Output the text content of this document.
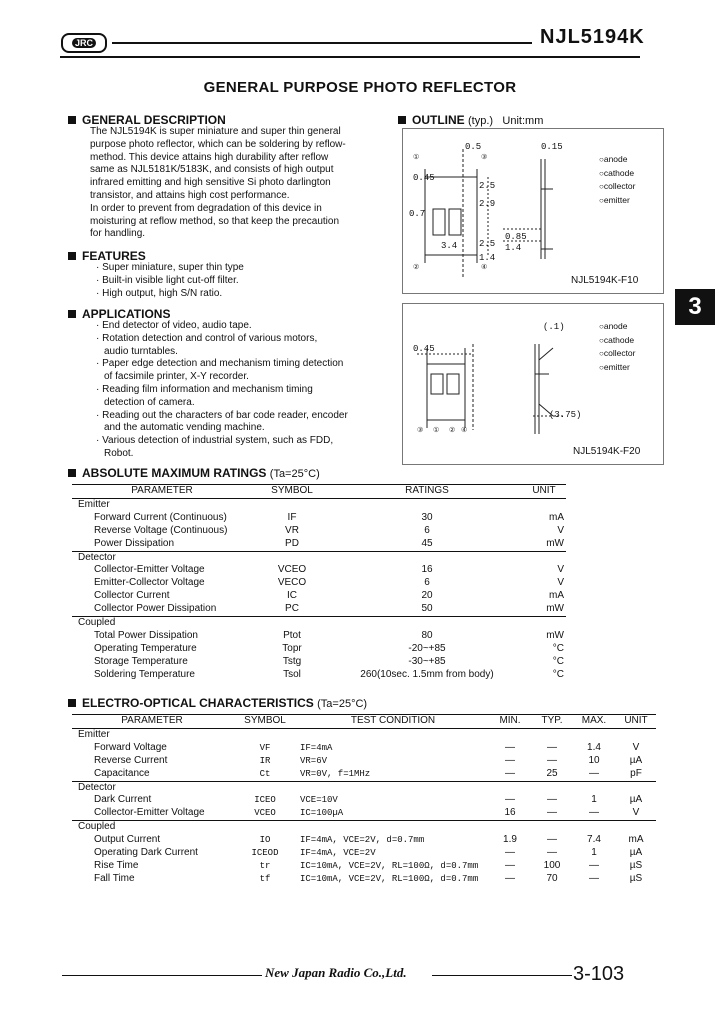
JRC	NJL5194K
GENERAL PURPOSE PHOTO REFLECTOR
GENERAL DESCRIPTION
The NJL5194K is super miniature and super thin general
purpose photo reflector, which can be soldering by reflow-
method. This device attains high durability after reflow
same as NJL5181K/5183K, and consists of high output
infrared emitting and high sensitive Si photo darlington
transistor, and attains high cost performance.
In order to prevent from degradation of this device in
moisturing at reflow method, so that keep the precaution
for handling.
FEATURES
· Super miniature, super thin type
· Built-in visible light cut-off filter.
· High output, high S/N ratio.
APPLICATIONS
· End detector of video, audio tape.
· Rotation detection and control of various motors,
audio turntables.
· Paper edge detection and mechanism timing detection
of facsimile printer, X-Y recorder.
· Reading film information and mechanism timing
detection of camera.
· Reading out the characters of bar code reader, encoder
and the automatic vending machine.
· Various detection of industrial system, such as FDD,
Robot.
OUTLINE (typ.) Unit:mm
①
②
③
④
0.5	0.15
0.45
0.7
2.5
2.9
3.4 2.5
1.4
0.85
1.4
○ anode
○ cathode
○ collector
○ emitter
NJL5194K-F10
③ ① ② ④
(.1)
0.45
(3.75)
○ anode
○ cathode
○ collector
○ emitter
NJL5194K-F20
3
ABSOLUTE MAXIMUM RATINGS (Ta=25°C)
PARAMETER	SYMBOL	RATINGS	UNIT
Emitter			
Forward Current (Continuous)	IF	30	mA
Reverse Voltage (Continuous)	VR	6	V
Power Dissipation	PD	45	mW
Detector			
Collector-Emitter Voltage	VCEO	16	V
Emitter-Collector Voltage	VECO	6	V
Collector Current	IC	20	mA
Collector Power Dissipation	PC	50	mW
Coupled			
Total Power Dissipation	Ptot	80	mW
Operating Temperature	Topr	-20~+85	°C
Storage Temperature	Tstg	-30~+85	°C
Soldering Temperature	Tsol	260(10sec. 1.5mm from body)	°C
ELECTRO-OPTICAL CHARACTERISTICS (Ta=25°C)
PARAMETER	SYMBOL	TEST CONDITION	MIN.	TYP.	MAX.	UNIT
Emitter						
Forward Voltage	VF	IF=4mA	—	—	1.4	V
Reverse Current	IR	VR=6V	—	—	10	µA
Capacitance	Ct	VR=0V, f=1MHz	—	25	—	pF
Detector						
Dark Current	ICEO	VCE=10V	—	—	1	µA
Collector-Emitter Voltage	VCEO	IC=100µA	16	—	—	V
Coupled						
Output Current	IO	IF=4mA, VCE=2V, d=0.7mm	1.9	—	7.4	mA
Operating Dark Current	ICEOD	IF=4mA, VCE=2V	—	—	1	µA
Rise Time	tr	IC=10mA, VCE=2V, RL=100Ω, d=0.7mm	—	100	—	µS
Fall Time	tf	IC=10mA, VCE=2V, RL=100Ω, d=0.7mm	—	70	—	µS
New Japan Radio Co.,Ltd.	3-103
